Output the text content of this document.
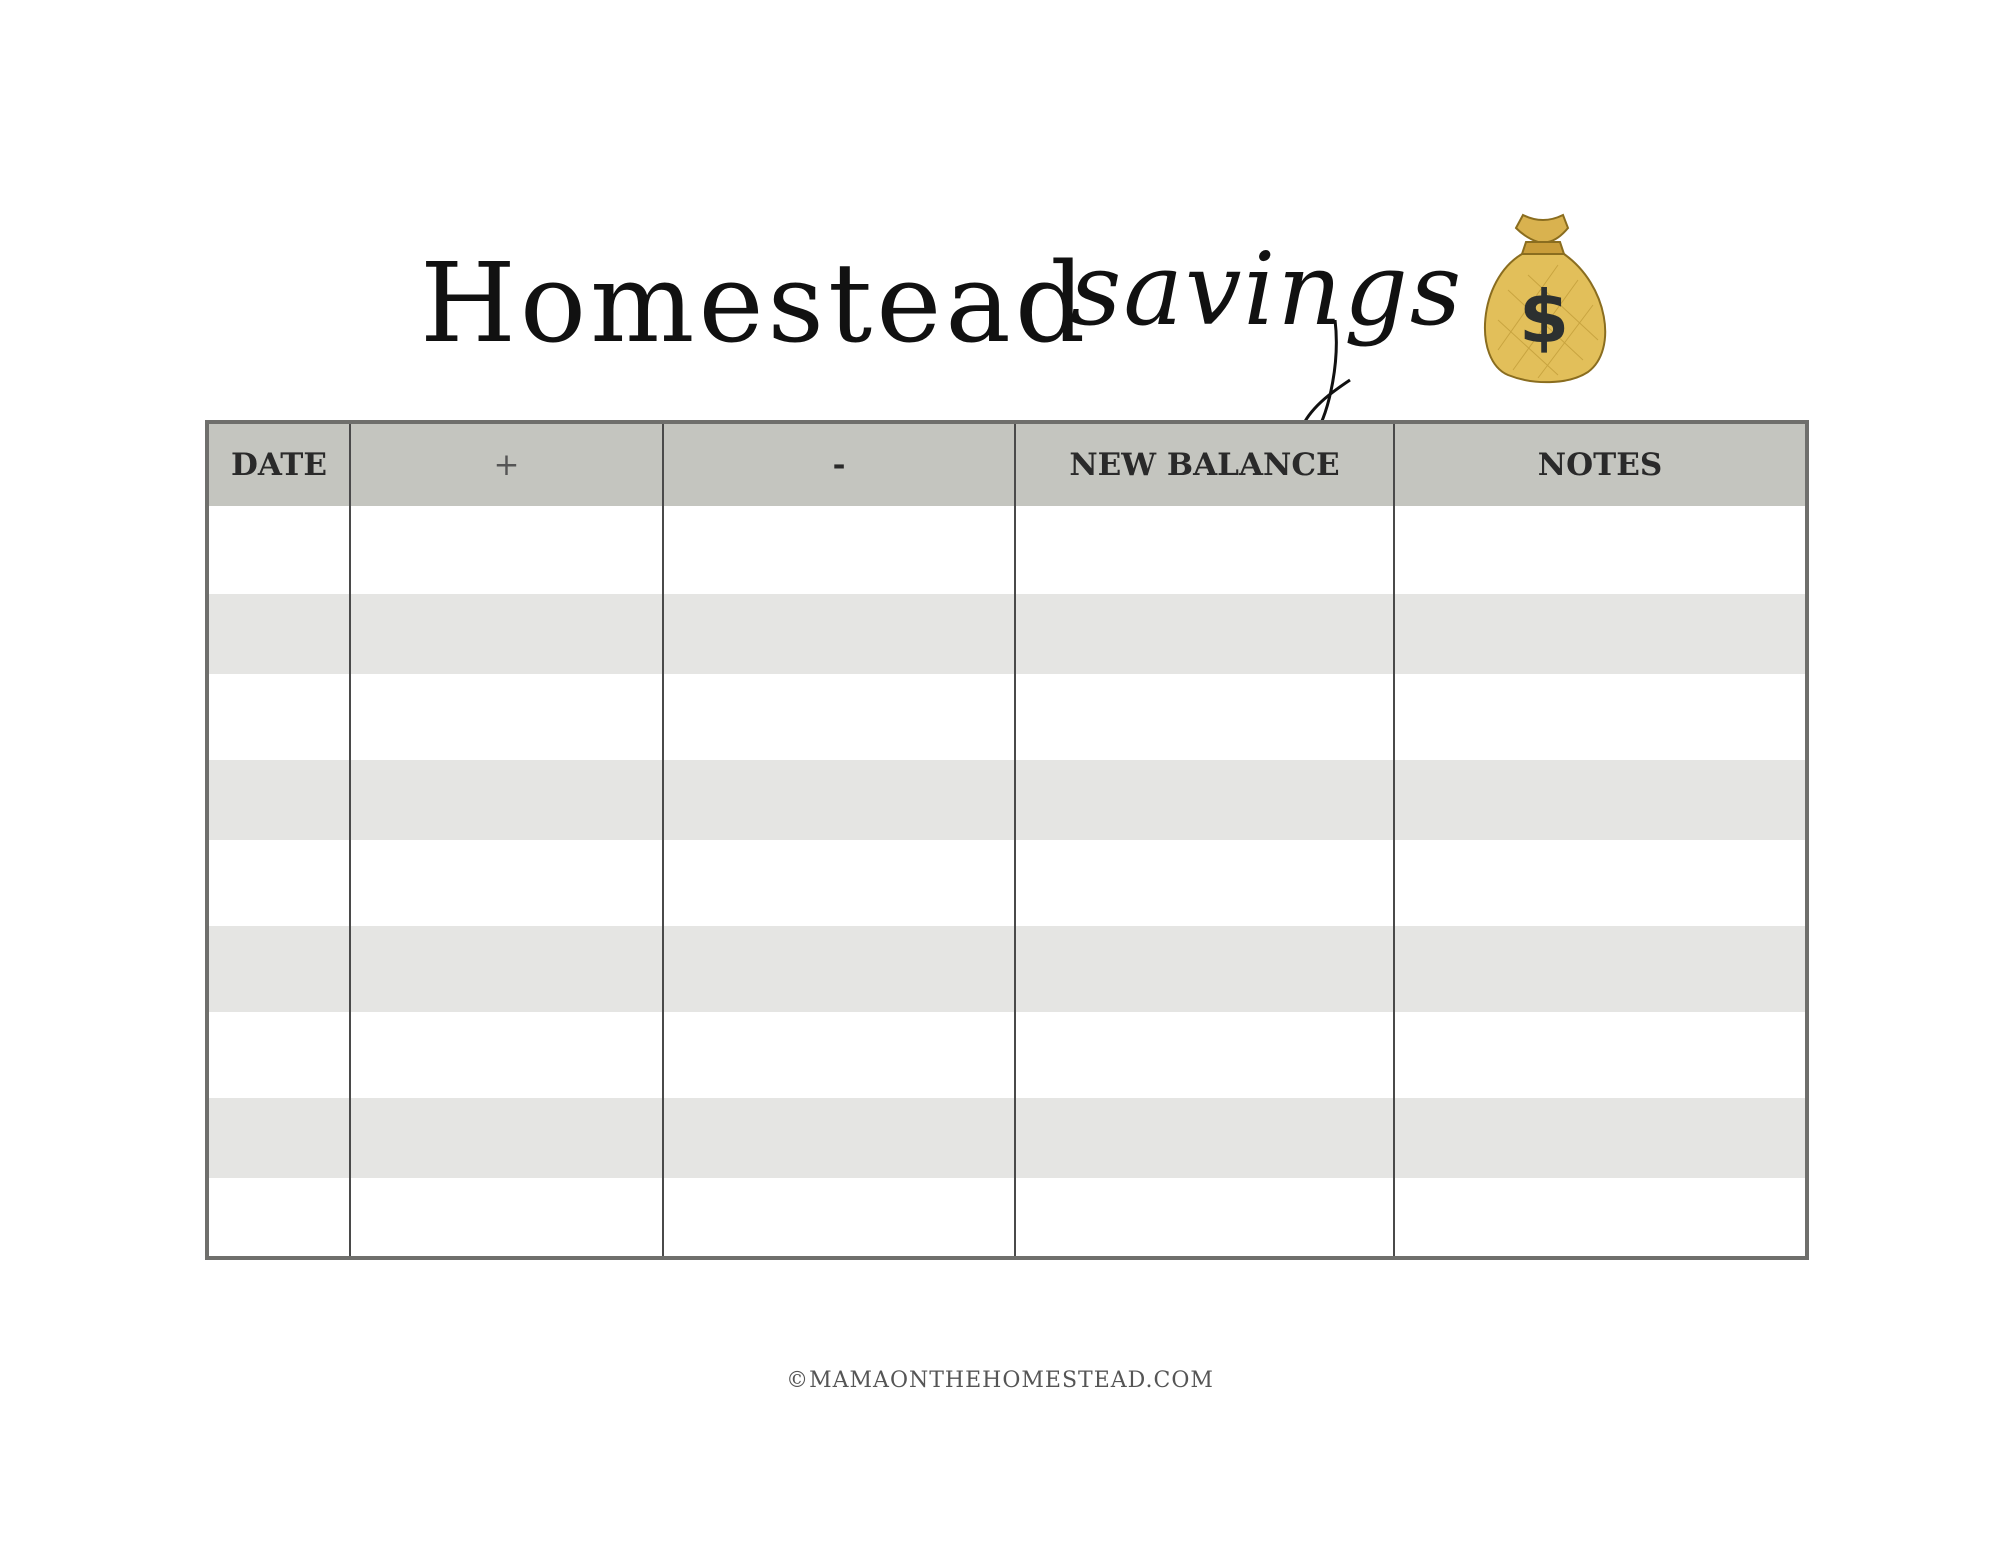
Homestead
savings $
DATE	+	-	NEW BALANCE	NOTES

©MAMAONTHEHOMESTEAD.COM
